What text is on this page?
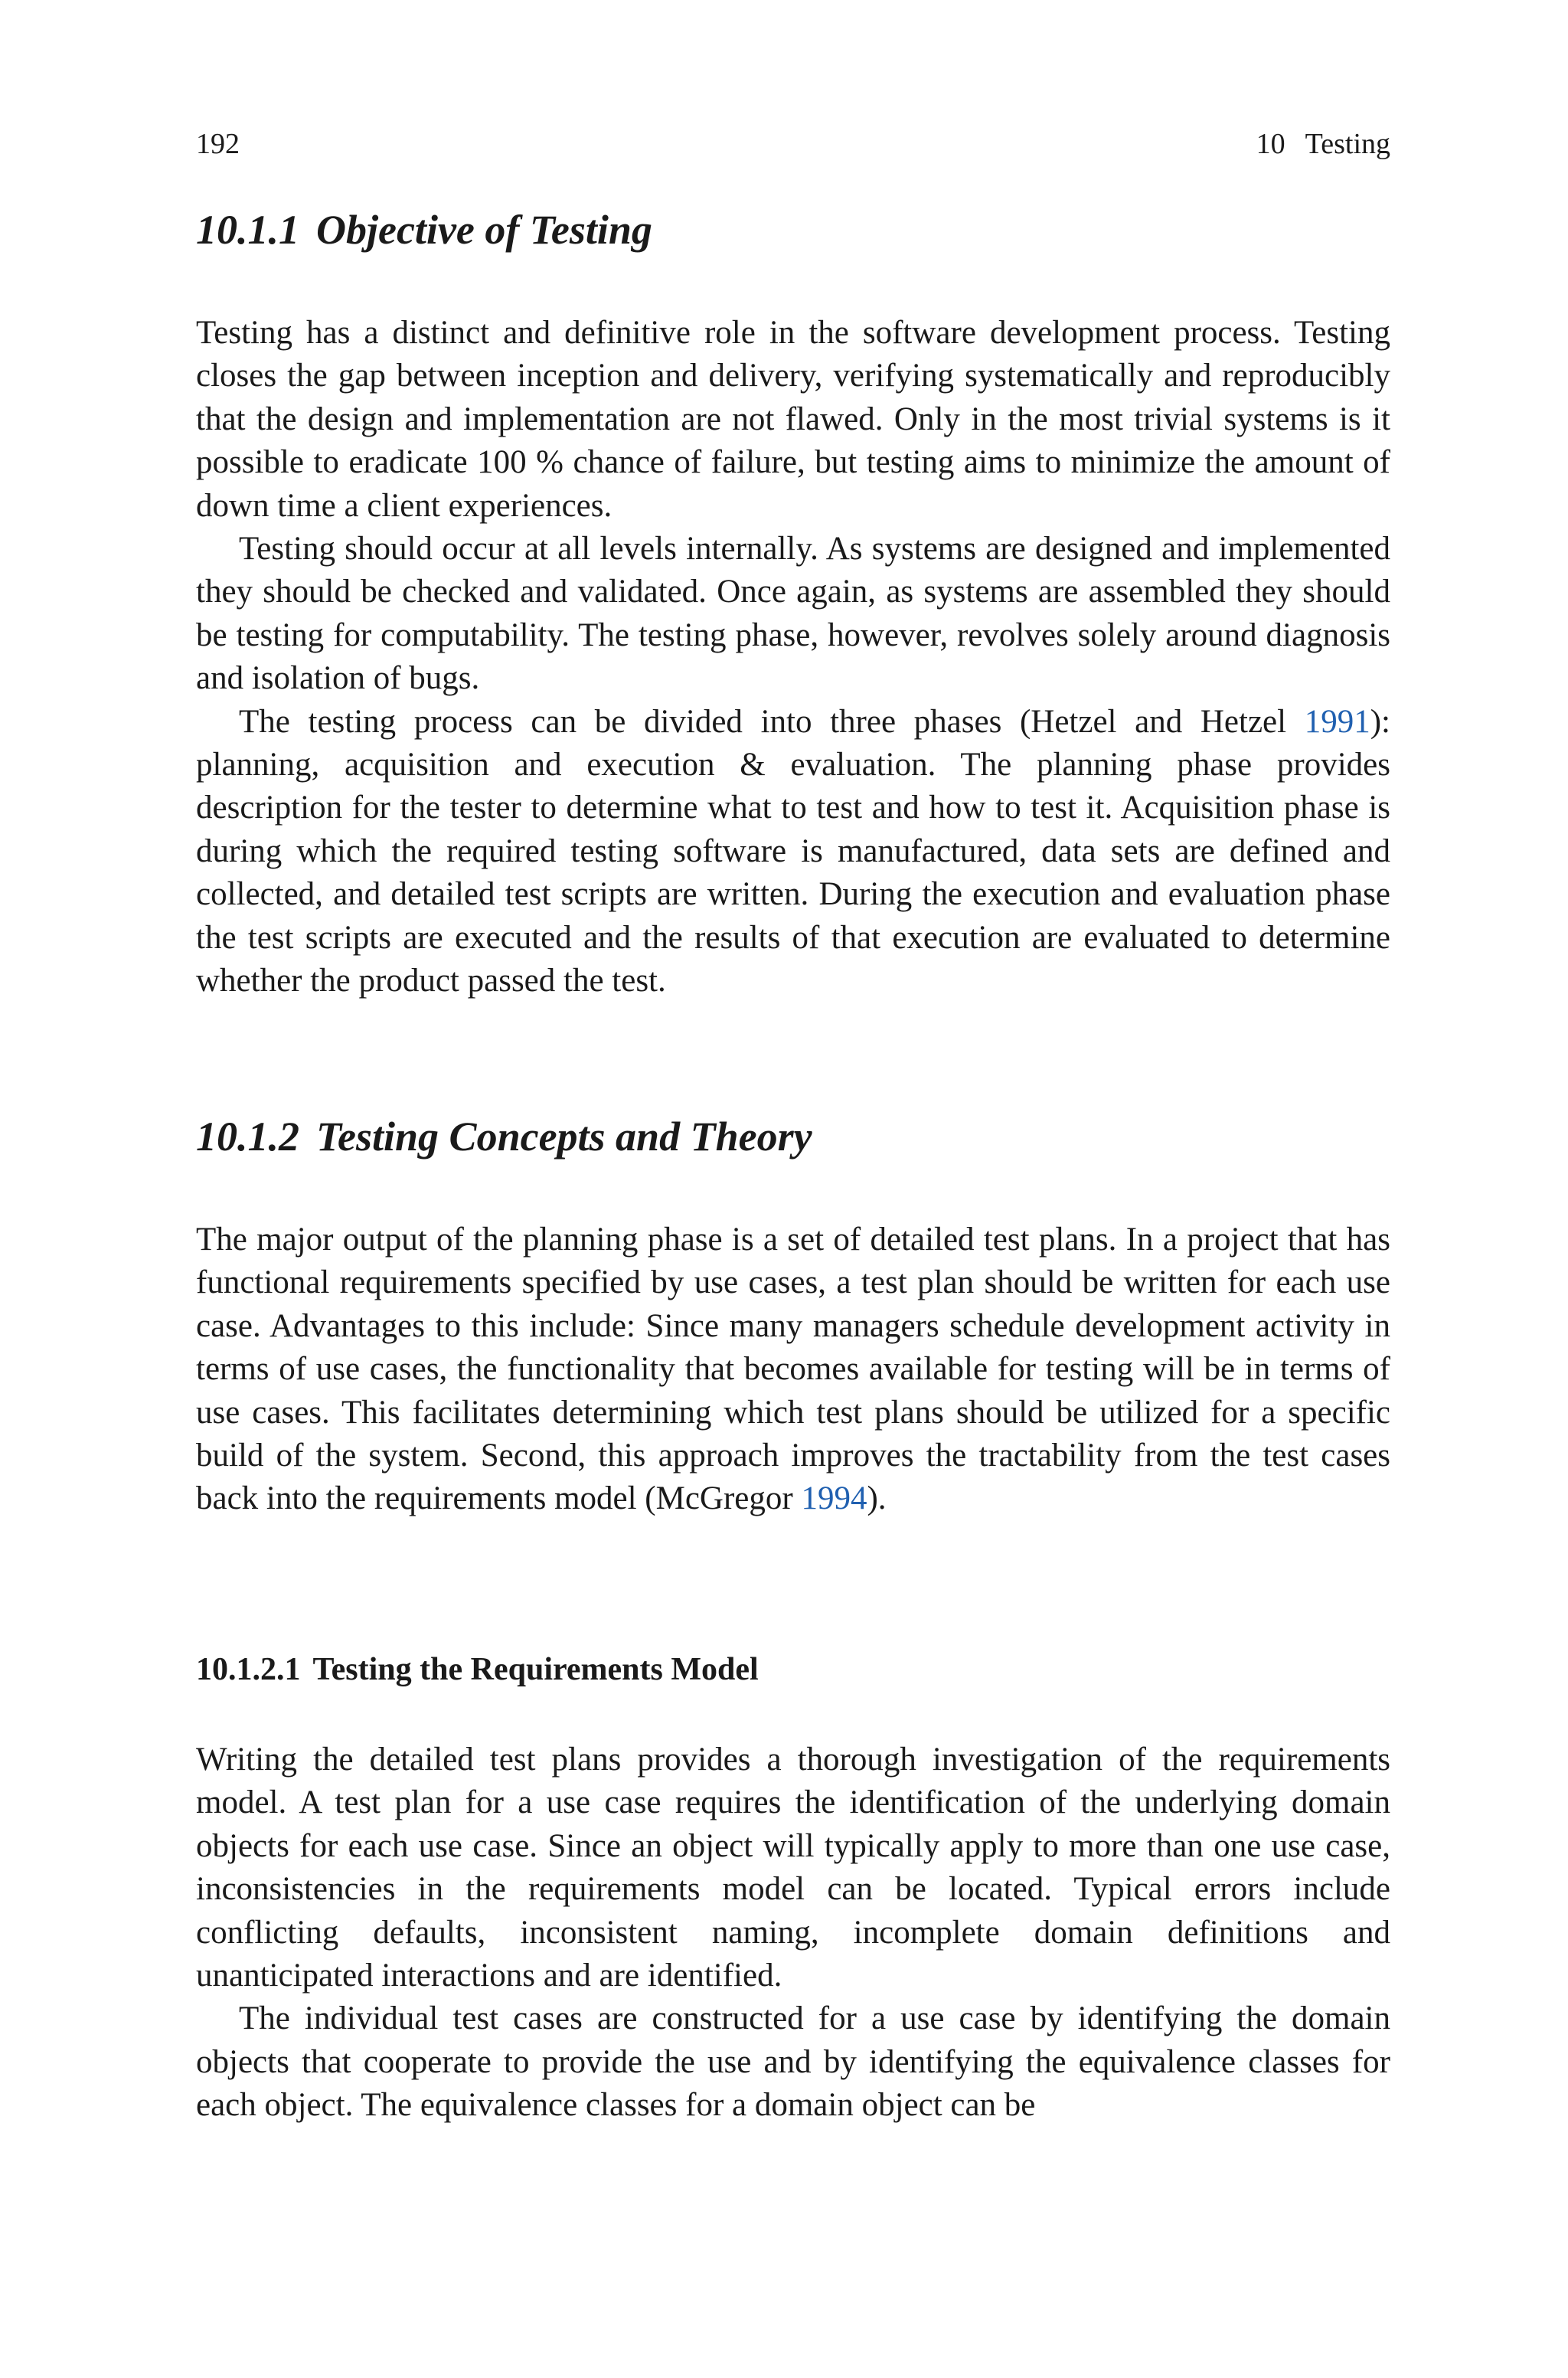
192	10 Testing
10.1.1 Objective of Testing

Testing has a distinct and definitive role in the software development process. Testing closes the gap between inception and delivery, verifying systematically and reproducibly that the design and implementation are not flawed. Only in the most trivial systems is it possible to eradicate 100 % chance of failure, but testing aims to minimize the amount of down time a client experiences.

Testing should occur at all levels internally. As systems are designed and implemented they should be checked and validated. Once again, as systems are assembled they should be testing for computability. The testing phase, however, revolves solely around diagnosis and isolation of bugs.

The testing process can be divided into three phases (Hetzel and Hetzel 1991): planning, acquisition and execution & evaluation. The planning phase provides description for the tester to determine what to test and how to test it. Acquisition phase is during which the required testing software is manufactured, data sets are defined and collected, and detailed test scripts are written. During the execution and evaluation phase the test scripts are executed and the results of that execution are evaluated to determine whether the product passed the test.

10.1.2 Testing Concepts and Theory

The major output of the planning phase is a set of detailed test plans. In a project that has functional requirements specified by use cases, a test plan should be written for each use case. Advantages to this include: Since many managers schedule development activity in terms of use cases, the functionality that becomes available for testing will be in terms of use cases. This facilitates determining which test plans should be utilized for a specific build of the system. Second, this approach improves the tractability from the test cases back into the requirements model (McGregor 1994).

10.1.2.1 Testing the Requirements Model

Writing the detailed test plans provides a thorough investigation of the requirements model. A test plan for a use case requires the identification of the underlying domain objects for each use case. Since an object will typically apply to more than one use case, inconsistencies in the requirements model can be located. Typical errors include conflicting defaults, inconsistent naming, incomplete domain definitions and unanticipated interactions and are identified.

The individual test cases are constructed for a use case by identifying the domain objects that cooperate to provide the use and by identifying the equivalence classes for each object. The equivalence classes for a domain object can be
